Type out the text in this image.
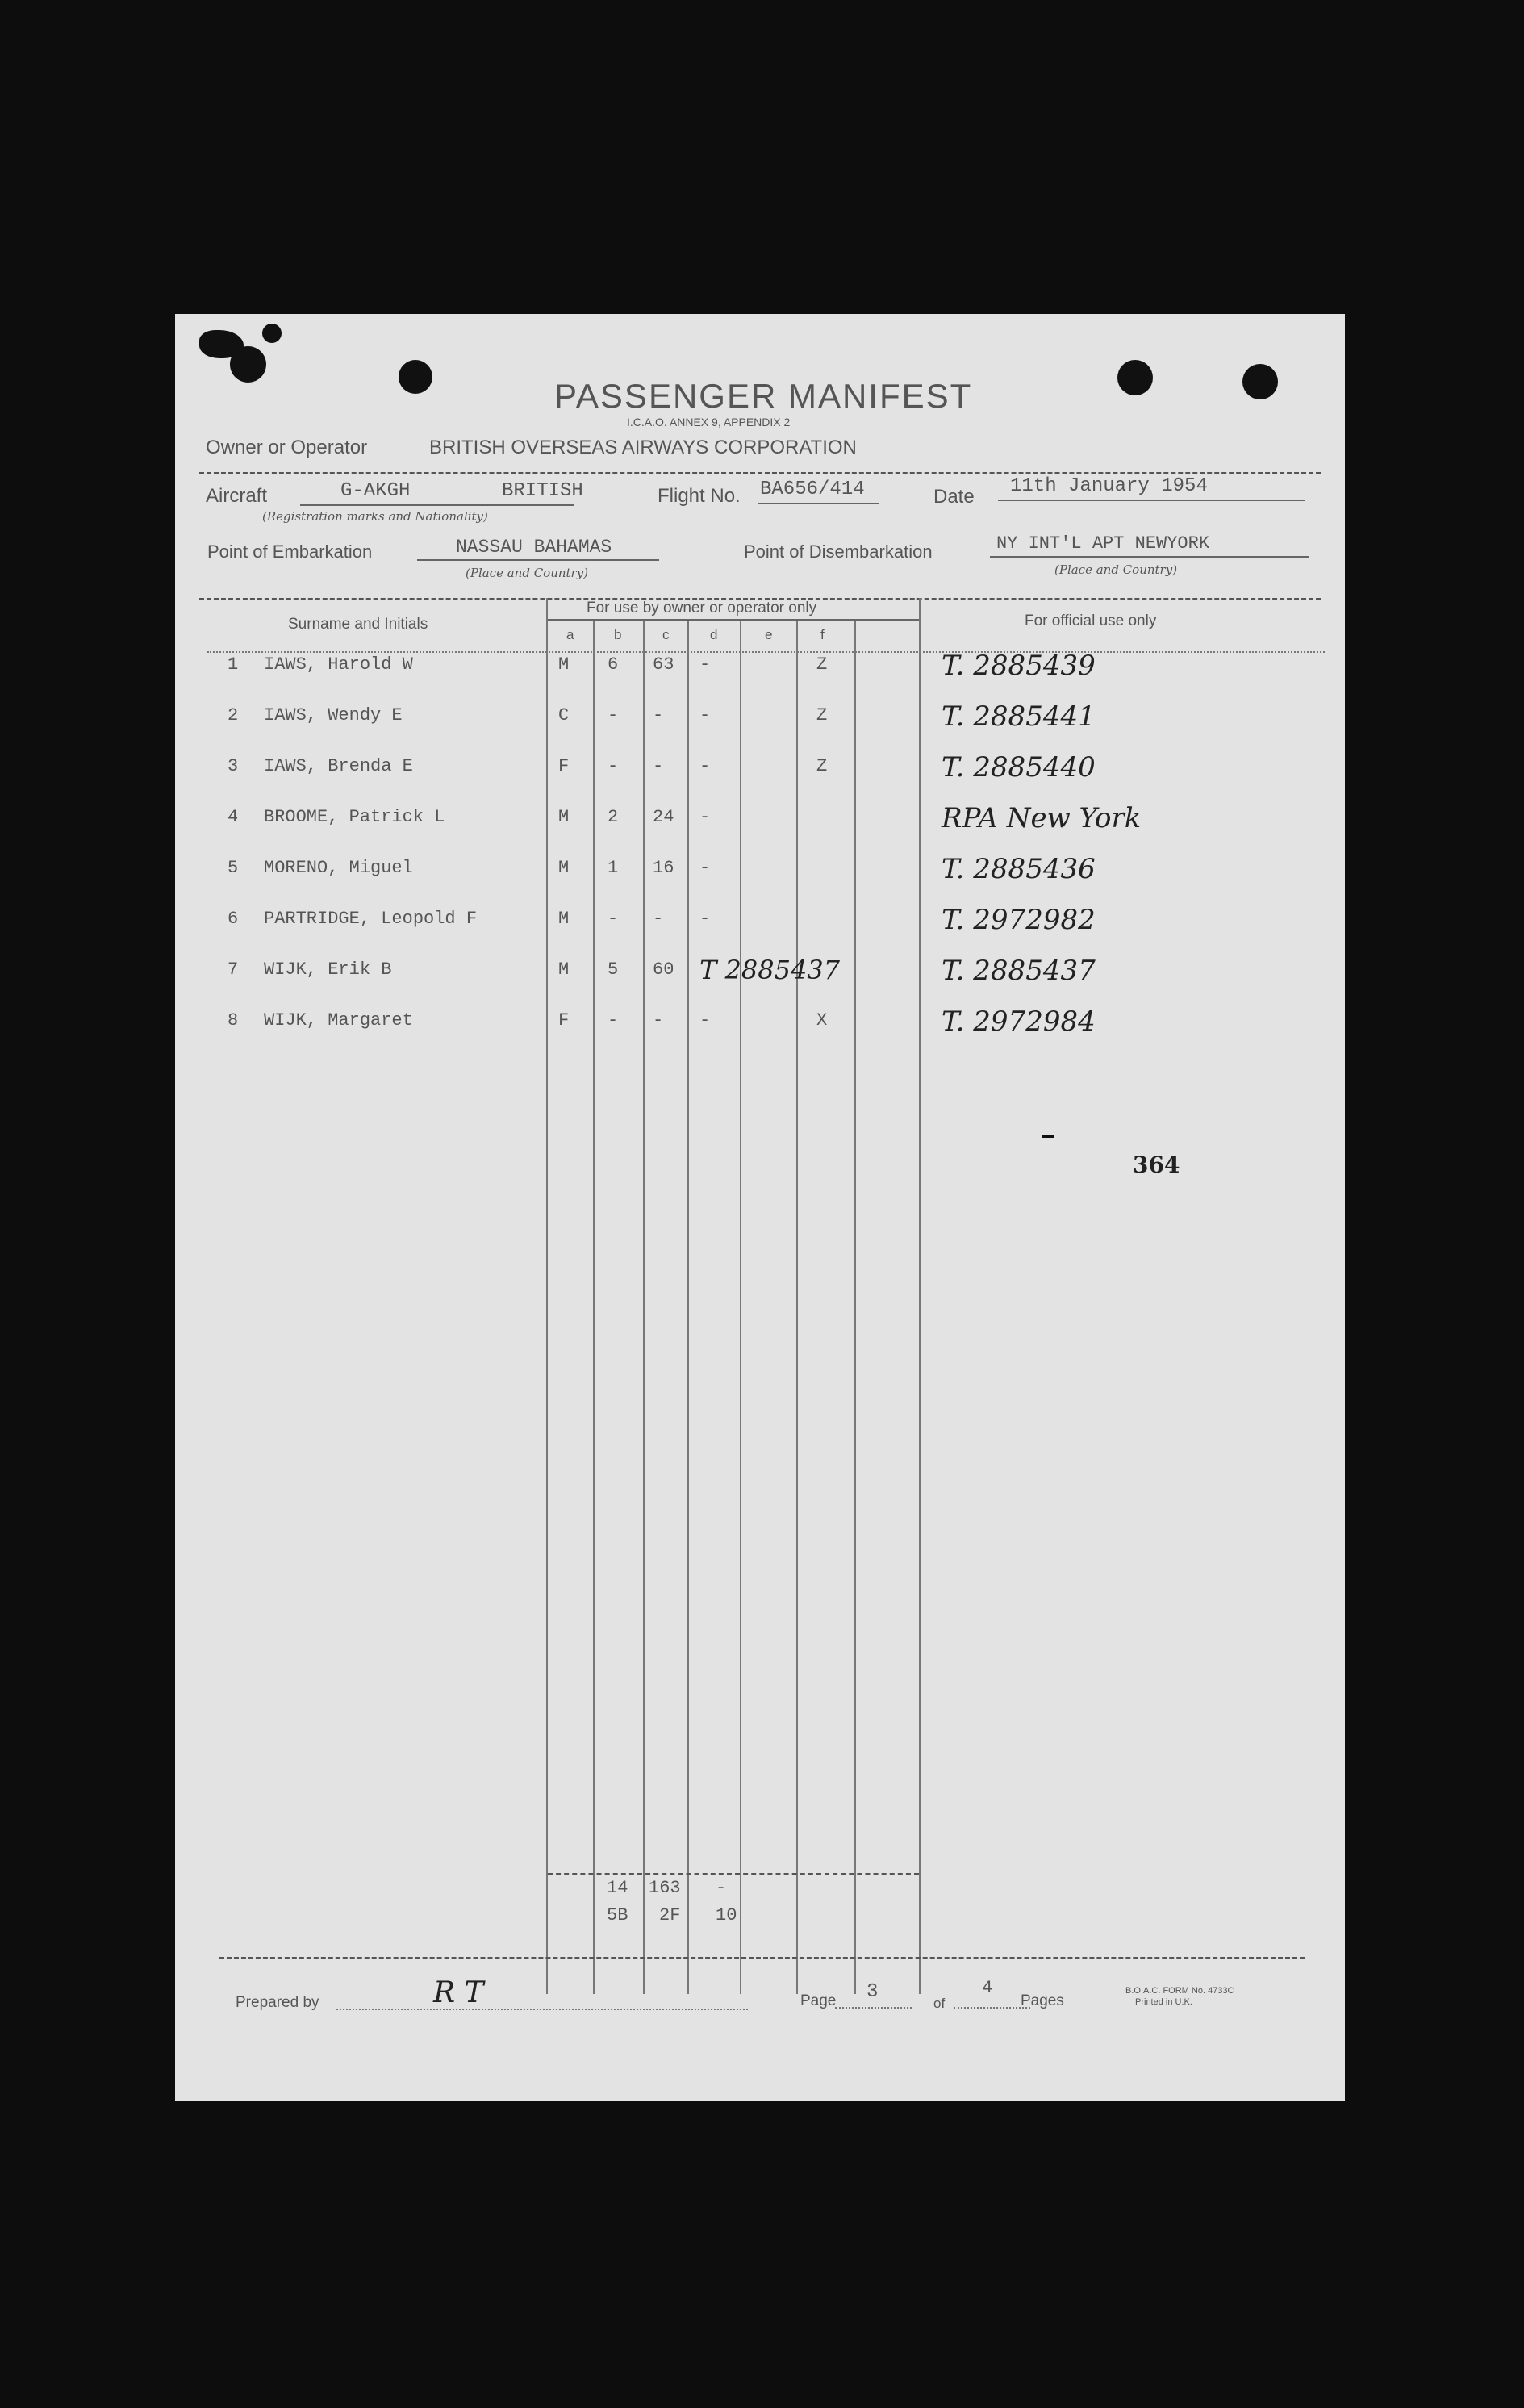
PASSENGER MANIFEST
I.C.A.O. ANNEX 9, APPENDIX 2
Owner or Operator	BRITISH OVERSEAS AIRWAYS CORPORATION
Aircraft	G-AKGH	BRITISH
(Registration marks and Nationality)
Flight No. BA656/414	Date 11th January 1954
Point of Embarkation	NASSAU BAHAMAS
(Place and Country)
Point of Disembarkation	NY INT'L APT NEWYORK
(Place and Country)
Surname and Initials
For use by owner or operator only
For official use only
a	b	c	d	e	f
1 IAWS, Harold W	M 6 63 -	Z	T. 2885439
2 IAWS, Wendy E	C - - -	Z	T. 2885441
3 IAWS, Brenda E	F - - -	Z	T. 2885440
4 BROOME, Patrick L	M 2 24 -	RPA New York
5 MORENO, Miguel	M 1 16 -	T. 2885436
6 PARTRIDGE, Leopold F	M - - -	T. 2972982
7 WIJK, Erik B	M 5 60 T 2885437	T. 2885437
8 WIJK, Margaret	F - - -	X	T. 2972984
364
14 163 -
5B 2F 10
Prepared by	R T	Page 3
of
4
Pages
B.O.A.C. FORM No. 4733C
Printed in U.K.
